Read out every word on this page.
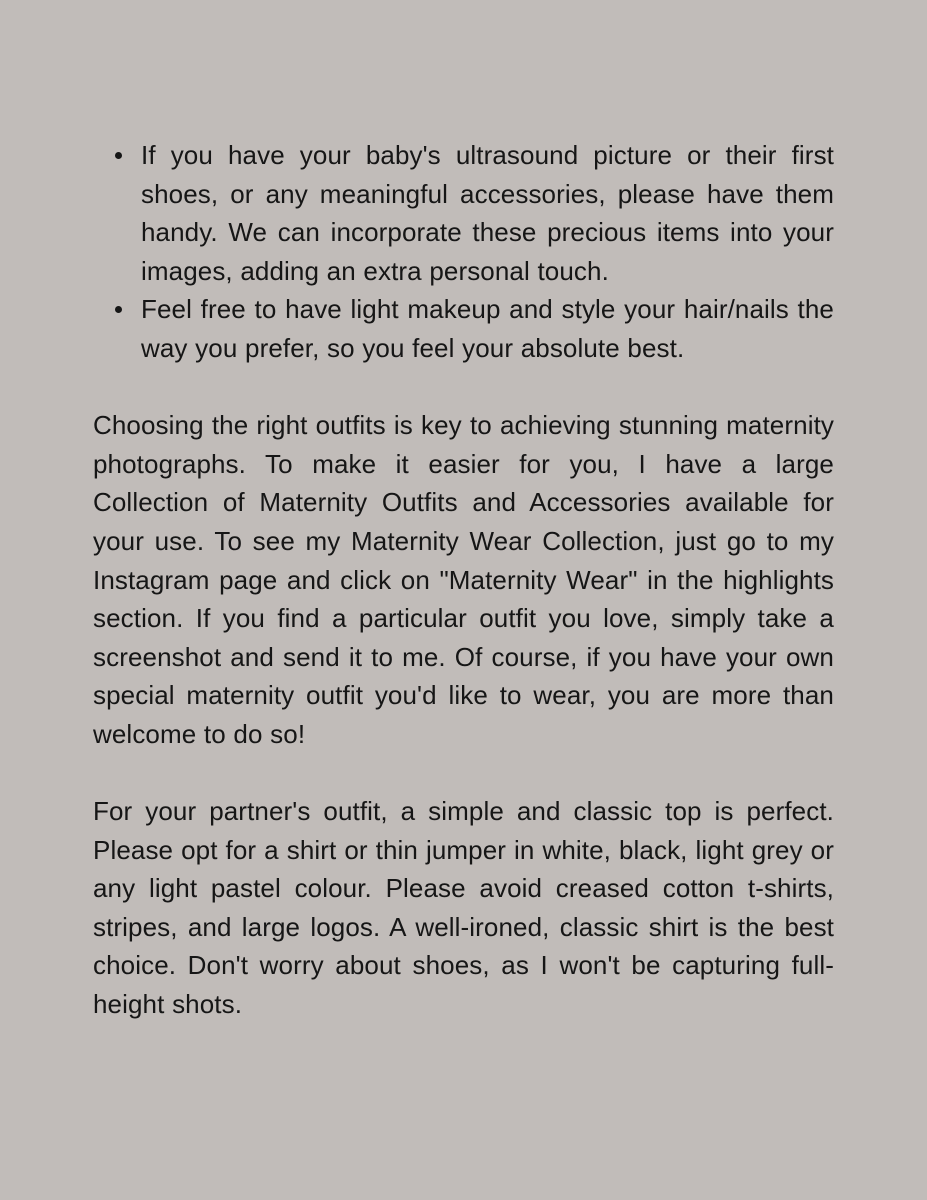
If you have your baby's ultrasound picture or their first shoes, or any meaningful accessories, please have them handy. We can incorporate these precious items into your images, adding an extra personal touch.
Feel free to have light makeup and style your hair/nails the way you prefer, so you feel your absolute best.

Choosing the right outfits is key to achieving stunning maternity photographs. To make it easier for you, I have a large Collection of Maternity Outfits and Accessories available for your use. To see my Maternity Wear Collection, just go to my Instagram page and click on "Maternity Wear" in the highlights section. If you find a particular outfit you love, simply take a screenshot and send it to me. Of course, if you have your own special maternity outfit you'd like to wear, you are more than welcome to do so!

For your partner's outfit, a simple and classic top is perfect. Please opt for a shirt or thin jumper in white, black, light grey or any light pastel colour. Please avoid creased cotton t-shirts, stripes, and large logos. A well-ironed, classic shirt is the best choice. Don't worry about shoes, as I won't be capturing full-height shots.
